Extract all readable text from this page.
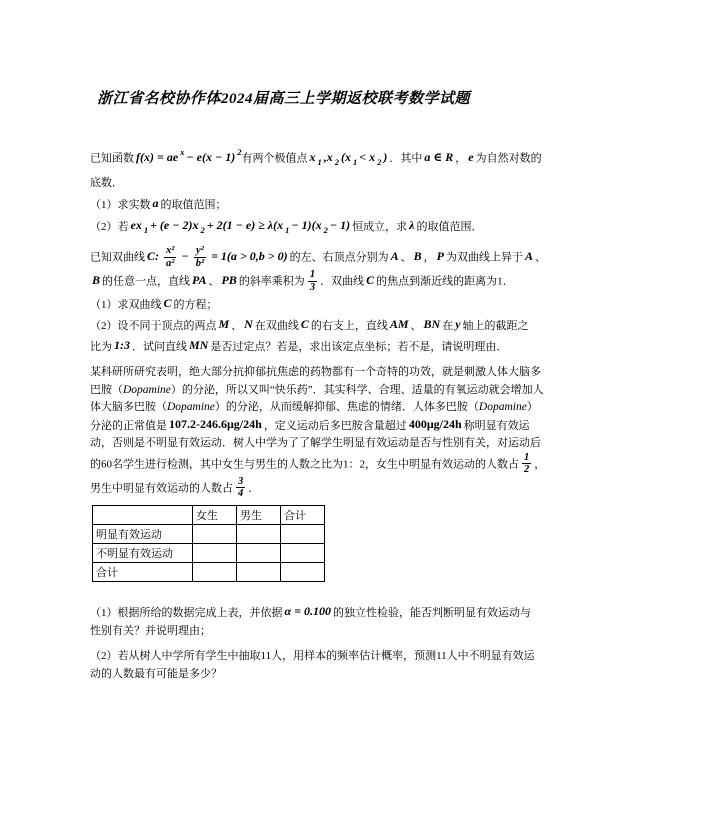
浙江省名校协作体2024届高三上学期返校联考数学试题
已知函数 f(x) = ae $^x$ − e(x − 1) $^2$有两个极值点 x $_1$ ,x $_2$ (x $_1$ < x $_2$ ) ．其中 a ∈ R ， e 为自然对数的
底数．
（1）求实数 a 的取值范围；
（2）若 ex $_1$ + (e − 2)x $_2$ + 2(1 − e) ≥ λ(x $_1$ − 1)(x $_2$ − 1) 恒成立，求 λ 的取值范围．
已知双曲线 C: $\frac{\text{x²}}{\text{a²}} - \frac{\text{y²}}{\text{b²}} = 1(a > 0,b > 0)$ 的左、右顶点分别为 A 、 B ， P 为双曲线上异于 A 、
B 的任意一点，直线 PA 、 PB 的斜率乘积为 $\frac{1}{3}$ ．双曲线 C 的焦点到渐近线的距离为1．
（1）求双曲线 C 的方程；
（2）设不同于顶点的两点 M 、 N 在双曲线 C 的右支上，直线 AM 、 BN 在 y 轴上的截距之
比为 1:3 ．试问直线 MN 是否过定点？若是，求出该定点坐标；若不是，请说明理由．
某科研所研究表明，绝大部分抗抑郁抗焦虑的药物都有一个奇特的功效，就是刺激人体大脑多
巴胺（Dopamine）的分泌，所以又叫“快乐药”．其实科学、合理、适量的有氧运动就会增加人
体大脑多巴胺（Dopamine）的分泌，从而缓解抑郁、焦虑的情绪．人体多巴胺（Dopamine）
分泌的正常值是 107.2-246.6μg/24h ，定义运动后多巴胺含量超过 400μg/24h 称明显有效运
动，否则是不明显有效运动．树人中学为了了解学生明显有效运动是否与性别有关，对运动后
的60名学生进行检测，其中女生与男生的人数之比为1：2，女生中明显有效运动的人数占 $\frac{1}{2}$ ，
男生中明显有效运动的人数占 $\frac{3}{4}$ ．
	女生	男生	合计
明显有效运动			
不明显有效运动			
合计			
（1）根据所给的数据完成上表，并依据 α = 0.100 的独立性检验，能否判断明显有效运动与
性别有关？并说明理由；
（2）若从树人中学所有学生中抽取11人，用样本的频率估计概率，预测11人中不明显有效运
动的人数最有可能是多少？
